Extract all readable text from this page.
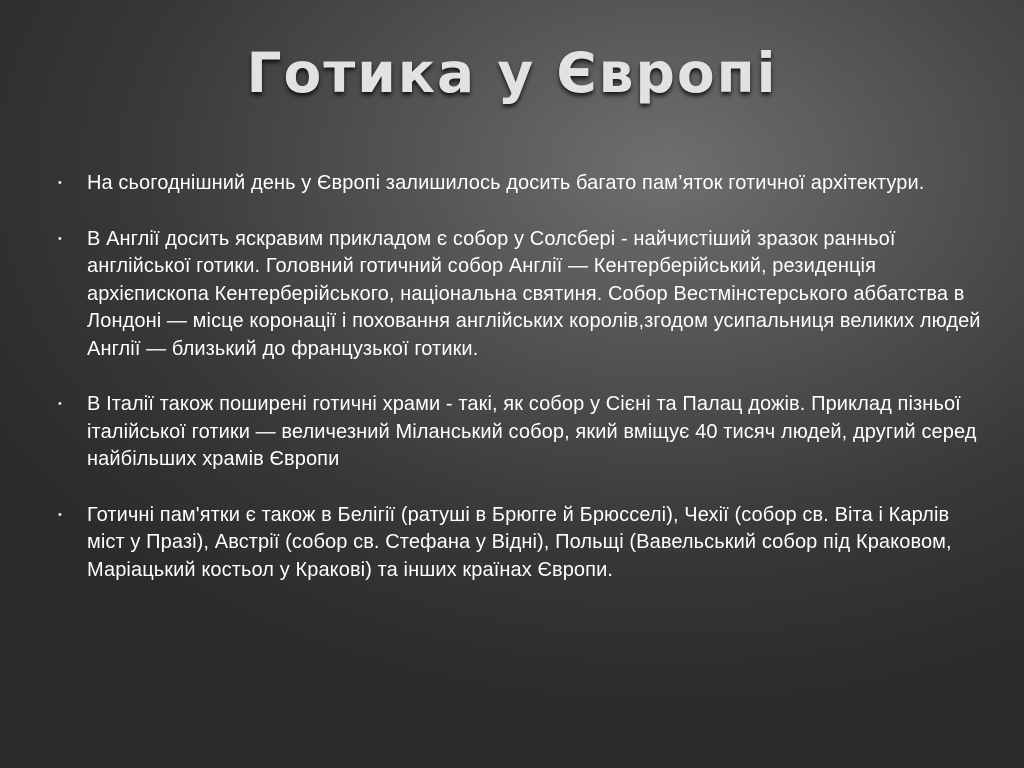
Готика у Європі
• На сьогоднішний день у Європі залишилось досить багато пам’яток готичної архітектури.
• В Англії досить яскравим прикладом є собор у Солсбері - найчистіший зразок ранньої англійської готики. Головний готичний собор Англії — Кентерберійський, резиденція архієпископа Кентерберійського, національна святиня. Собор Вестмінстерського аббатства в Лондоні — місце коронації і поховання англійських королів,згодом усипальниця великих людей Англії — близький до французької готики.
• В Італії також поширені готичні храми - такі, як собор у Сієні та Палац дожів. Приклад пізньої італійської готики — величезний Міланський собор, який вміщує 40 тисяч людей, другий серед найбільших храмів Європи
• Готичні пам'ятки є також в Белігії (ратуші в Брюгге й Брюсселі), Чехії (собор св. Віта і Карлів міст у Празі), Австрії (собор св. Стефана у Відні), Польщі (Вавельський собор під Краковом, Маріацький костьол у Кракові) та інших країнах Європи.
